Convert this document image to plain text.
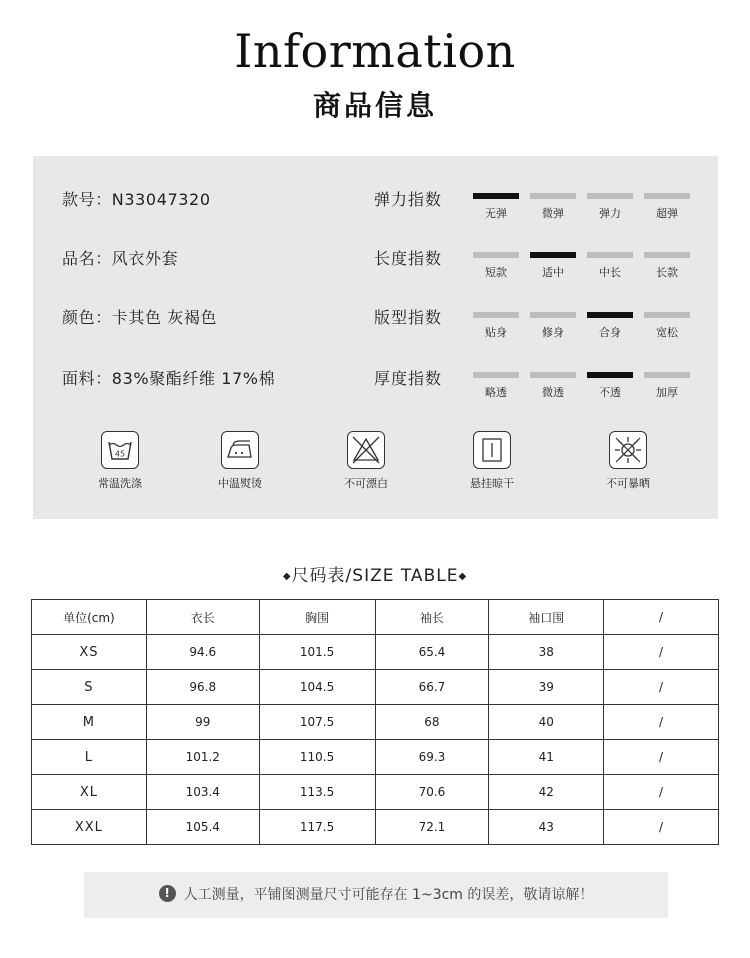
Information
商品信息
款号：N33047320
品名：风衣外套
颜色：卡其色 灰褐色
面料：83%聚酯纤维 17%棉
弹力指数
无弹	微弹	弹力	超弹
长度指数
短款	适中	中长	长款
版型指数
贴身	修身	合身	宽松
厚度指数
略透	微透	不透	加厚
45
常温洗涤	中温熨烫	不可漂白	悬挂晾干	不可暴晒
◆尺码表/SIZE TABLE◆
单位(cm)	衣长	胸围	袖长	袖口围	/
XS	94.6	101.5	65.4	38	/
S	96.8	104.5	66.7	39	/
M	99	107.5	68	40	/
L	101.2	110.5	69.3	41	/
XL	103.4	113.5	70.6	42	/
XXL	105.4	117.5	72.1	43	/
! 人工测量，平铺图测量尺寸可能存在 1~3cm 的误差，敬请谅解！
